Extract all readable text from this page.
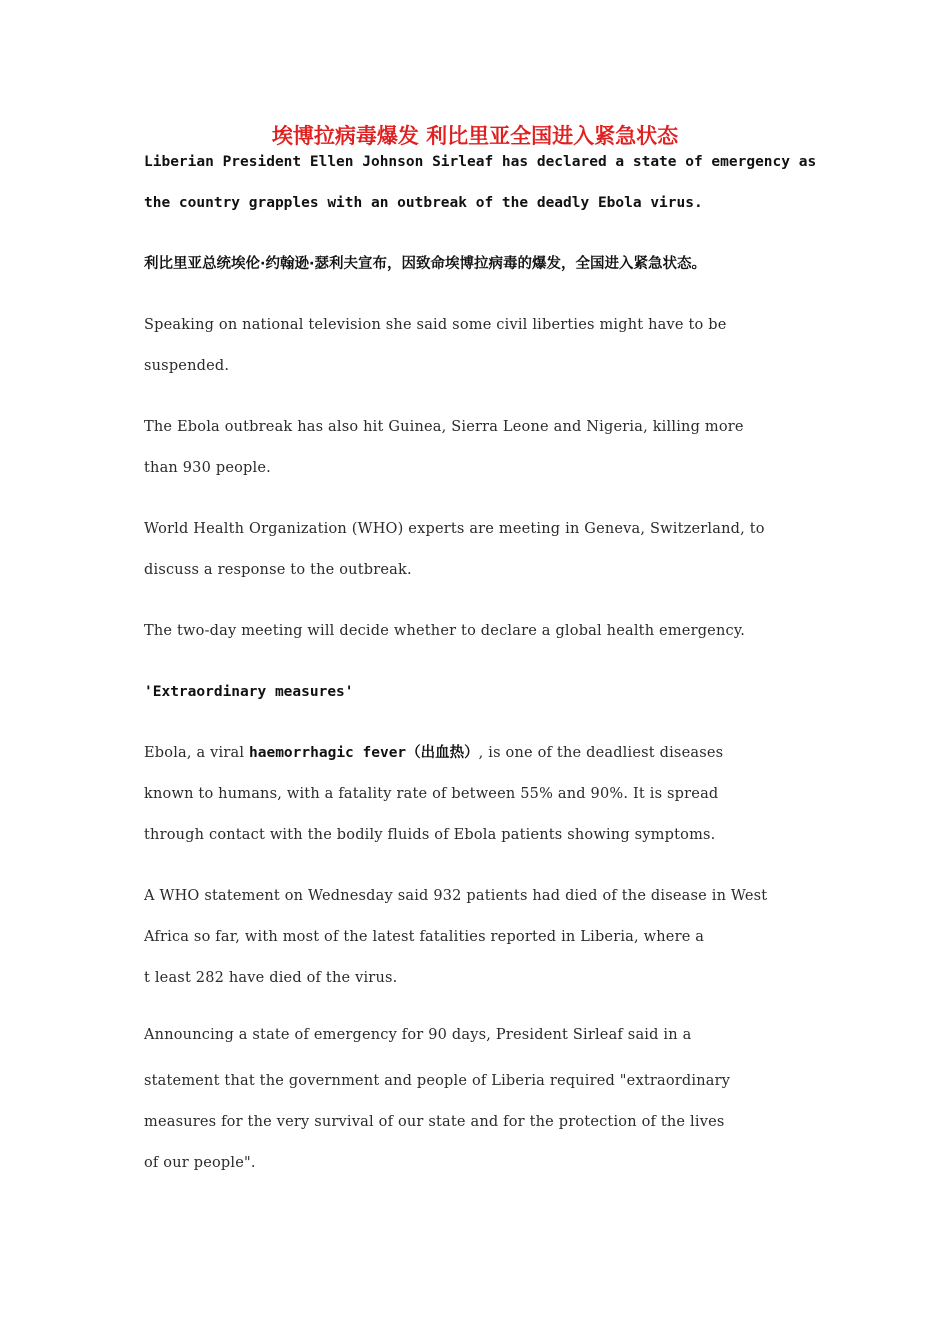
埃博拉病毒爆发 利比里亚全国进入紧急状态
Liberian President Ellen Johnson Sirleaf has declared a state of emergency as
the country grapples with an outbreak of the deadly Ebola virus.
利比里亚总统埃伦·约翰逊·瑟利夫宣布，因致命埃博拉病毒的爆发，全国进入紧急状态。
Speaking on national television she said some civil liberties might have to be
suspended.
The Ebola outbreak has also hit Guinea, Sierra Leone and Nigeria, killing more
than 930 people.
World Health Organization (WHO) experts are meeting in Geneva, Switzerland, to
discuss a response to the outbreak.
The two-day meeting will decide whether to declare a global health emergency.
'Extraordinary measures'
Ebola, a viral haemorrhagic fever（出血热）, is one of the deadliest diseases
known to humans, with a fatality rate of between 55% and 90%. It is spread
through contact with the bodily fluids of Ebola patients showing symptoms.
A WHO statement on Wednesday said 932 patients had died of the disease in West
Africa so far, with most of the latest fatalities reported in Liberia, where a
t least 282 have died of the virus.
Announcing a state of emergency for 90 days, President Sirleaf said in a
statement that the government and people of Liberia required "extraordinary
measures for the very survival of our state and for the protection of the lives
of our people".
